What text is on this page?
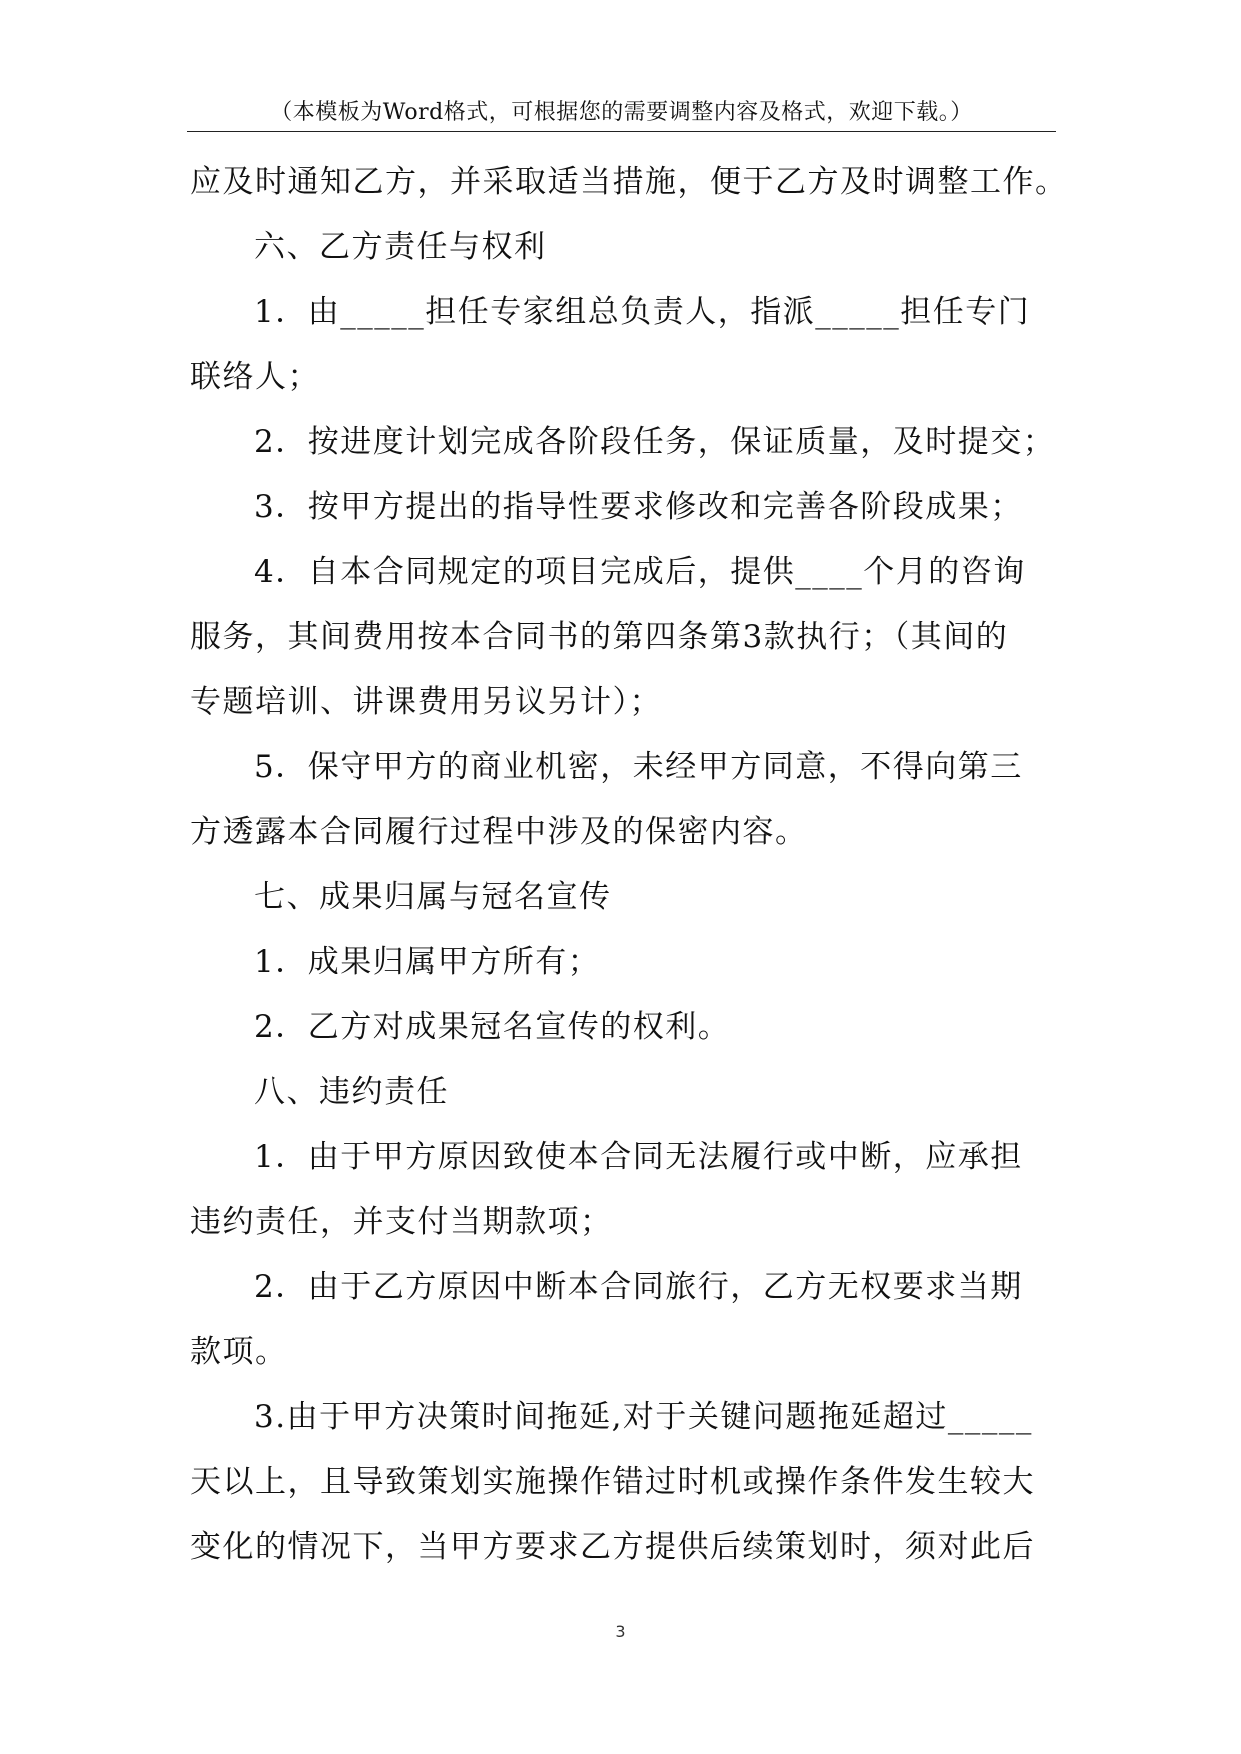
（本模板为Word格式，可根据您的需要调整内容及格式，欢迎下载。）
应及时通知乙方，并采取适当措施，便于乙方及时调整工作。
六、乙方责任与权利
1．由_____担任专家组总负责人，指派_____担任专门
联络人；
2．按进度计划完成各阶段任务，保证质量，及时提交；
3．按甲方提出的指导性要求修改和完善各阶段成果；
4．自本合同规定的项目完成后，提供____个月的咨询
服务，其间费用按本合同书的第四条第3款执行；（其间的
专题培训、讲课费用另议另计）；
5．保守甲方的商业机密，未经甲方同意，不得向第三
方透露本合同履行过程中涉及的保密内容。
七、成果归属与冠名宣传
1．成果归属甲方所有；
2．乙方对成果冠名宣传的权利。
八、违约责任
1．由于甲方原因致使本合同无法履行或中断，应承担
违约责任，并支付当期款项；
2．由于乙方原因中断本合同旅行，乙方无权要求当期
款项。
3.由于甲方决策时间拖延,对于关键问题拖延超过_____
天以上，且导致策划实施操作错过时机或操作条件发生较大
变化的情况下，当甲方要求乙方提供后续策划时，须对此后
3
